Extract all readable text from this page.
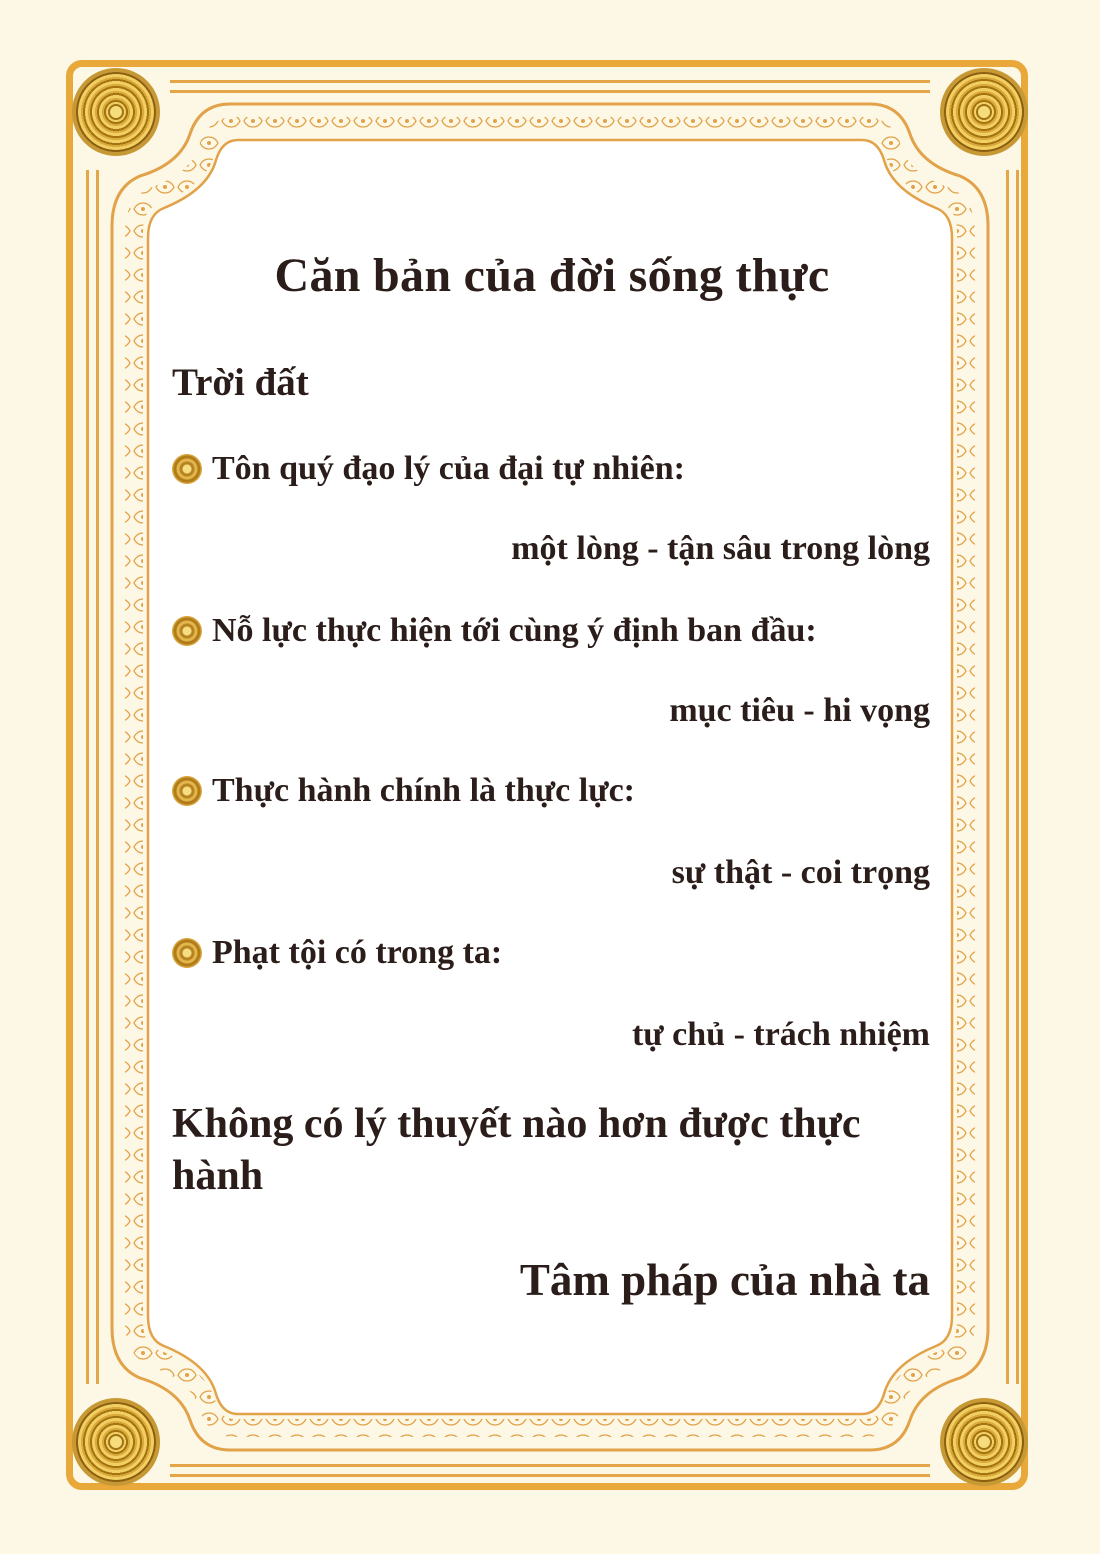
Căn bản của đời sống thực
Trời đất
Tôn quý đạo lý của đại tự nhiên:
một lòng - tận sâu trong lòng
Nỗ lực thực hiện tới cùng ý định ban đầu:
mục tiêu - hi vọng
Thực hành chính là thực lực:
sự thật - coi trọng
Phạt tội có trong ta:
tự chủ - trách nhiệm
Không có lý thuyết nào hơn được thực hành
Tâm pháp của nhà ta
